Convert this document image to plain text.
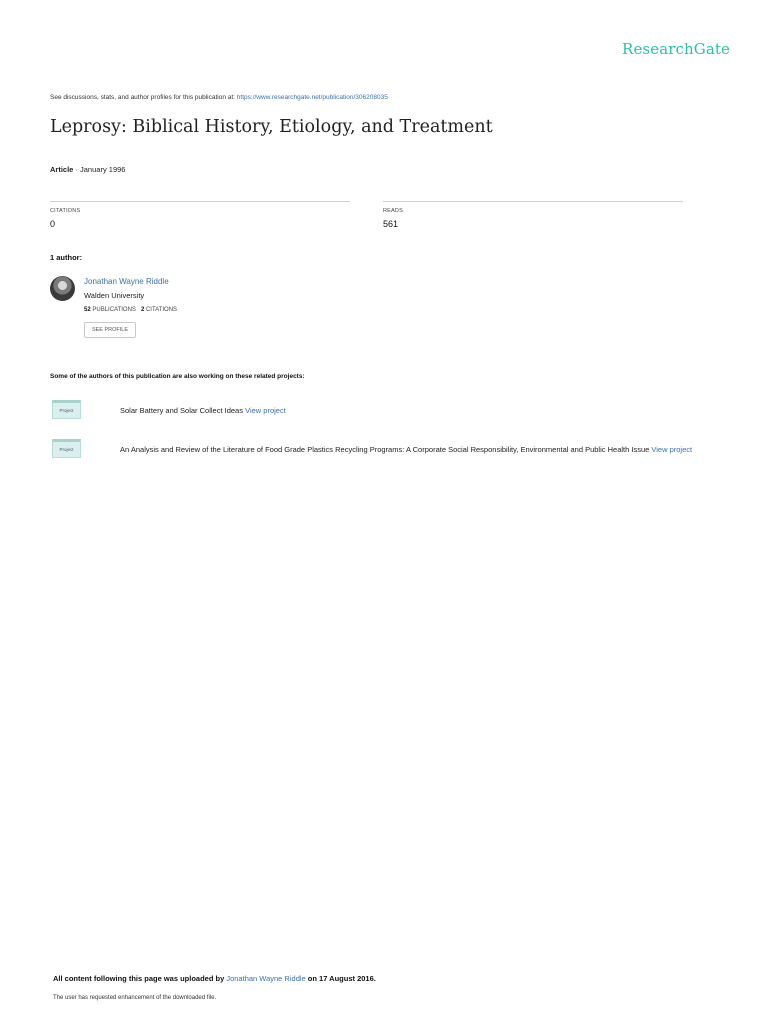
ResearchGate
See discussions, stats, and author profiles for this publication at: https://www.researchgate.net/publication/306208035
Leprosy: Biblical History, Etiology, and Treatment
Article · January 1996
CITATIONS
0
READS
561
1 author:
Jonathan Wayne Riddle
Walden University
52 PUBLICATIONS 2 CITATIONS
SEE PROFILE
Some of the authors of this publication are also working on these related projects:
Project	Solar Battery and Solar Collect Ideas View project
Project	An Analysis and Review of the Literature of Food Grade Plastics Recycling Programs: A Corporate Social Responsibility, Environmental and Public Health Issue View project
All content following this page was uploaded by Jonathan Wayne Riddle on 17 August 2016.
The user has requested enhancement of the downloaded file.
